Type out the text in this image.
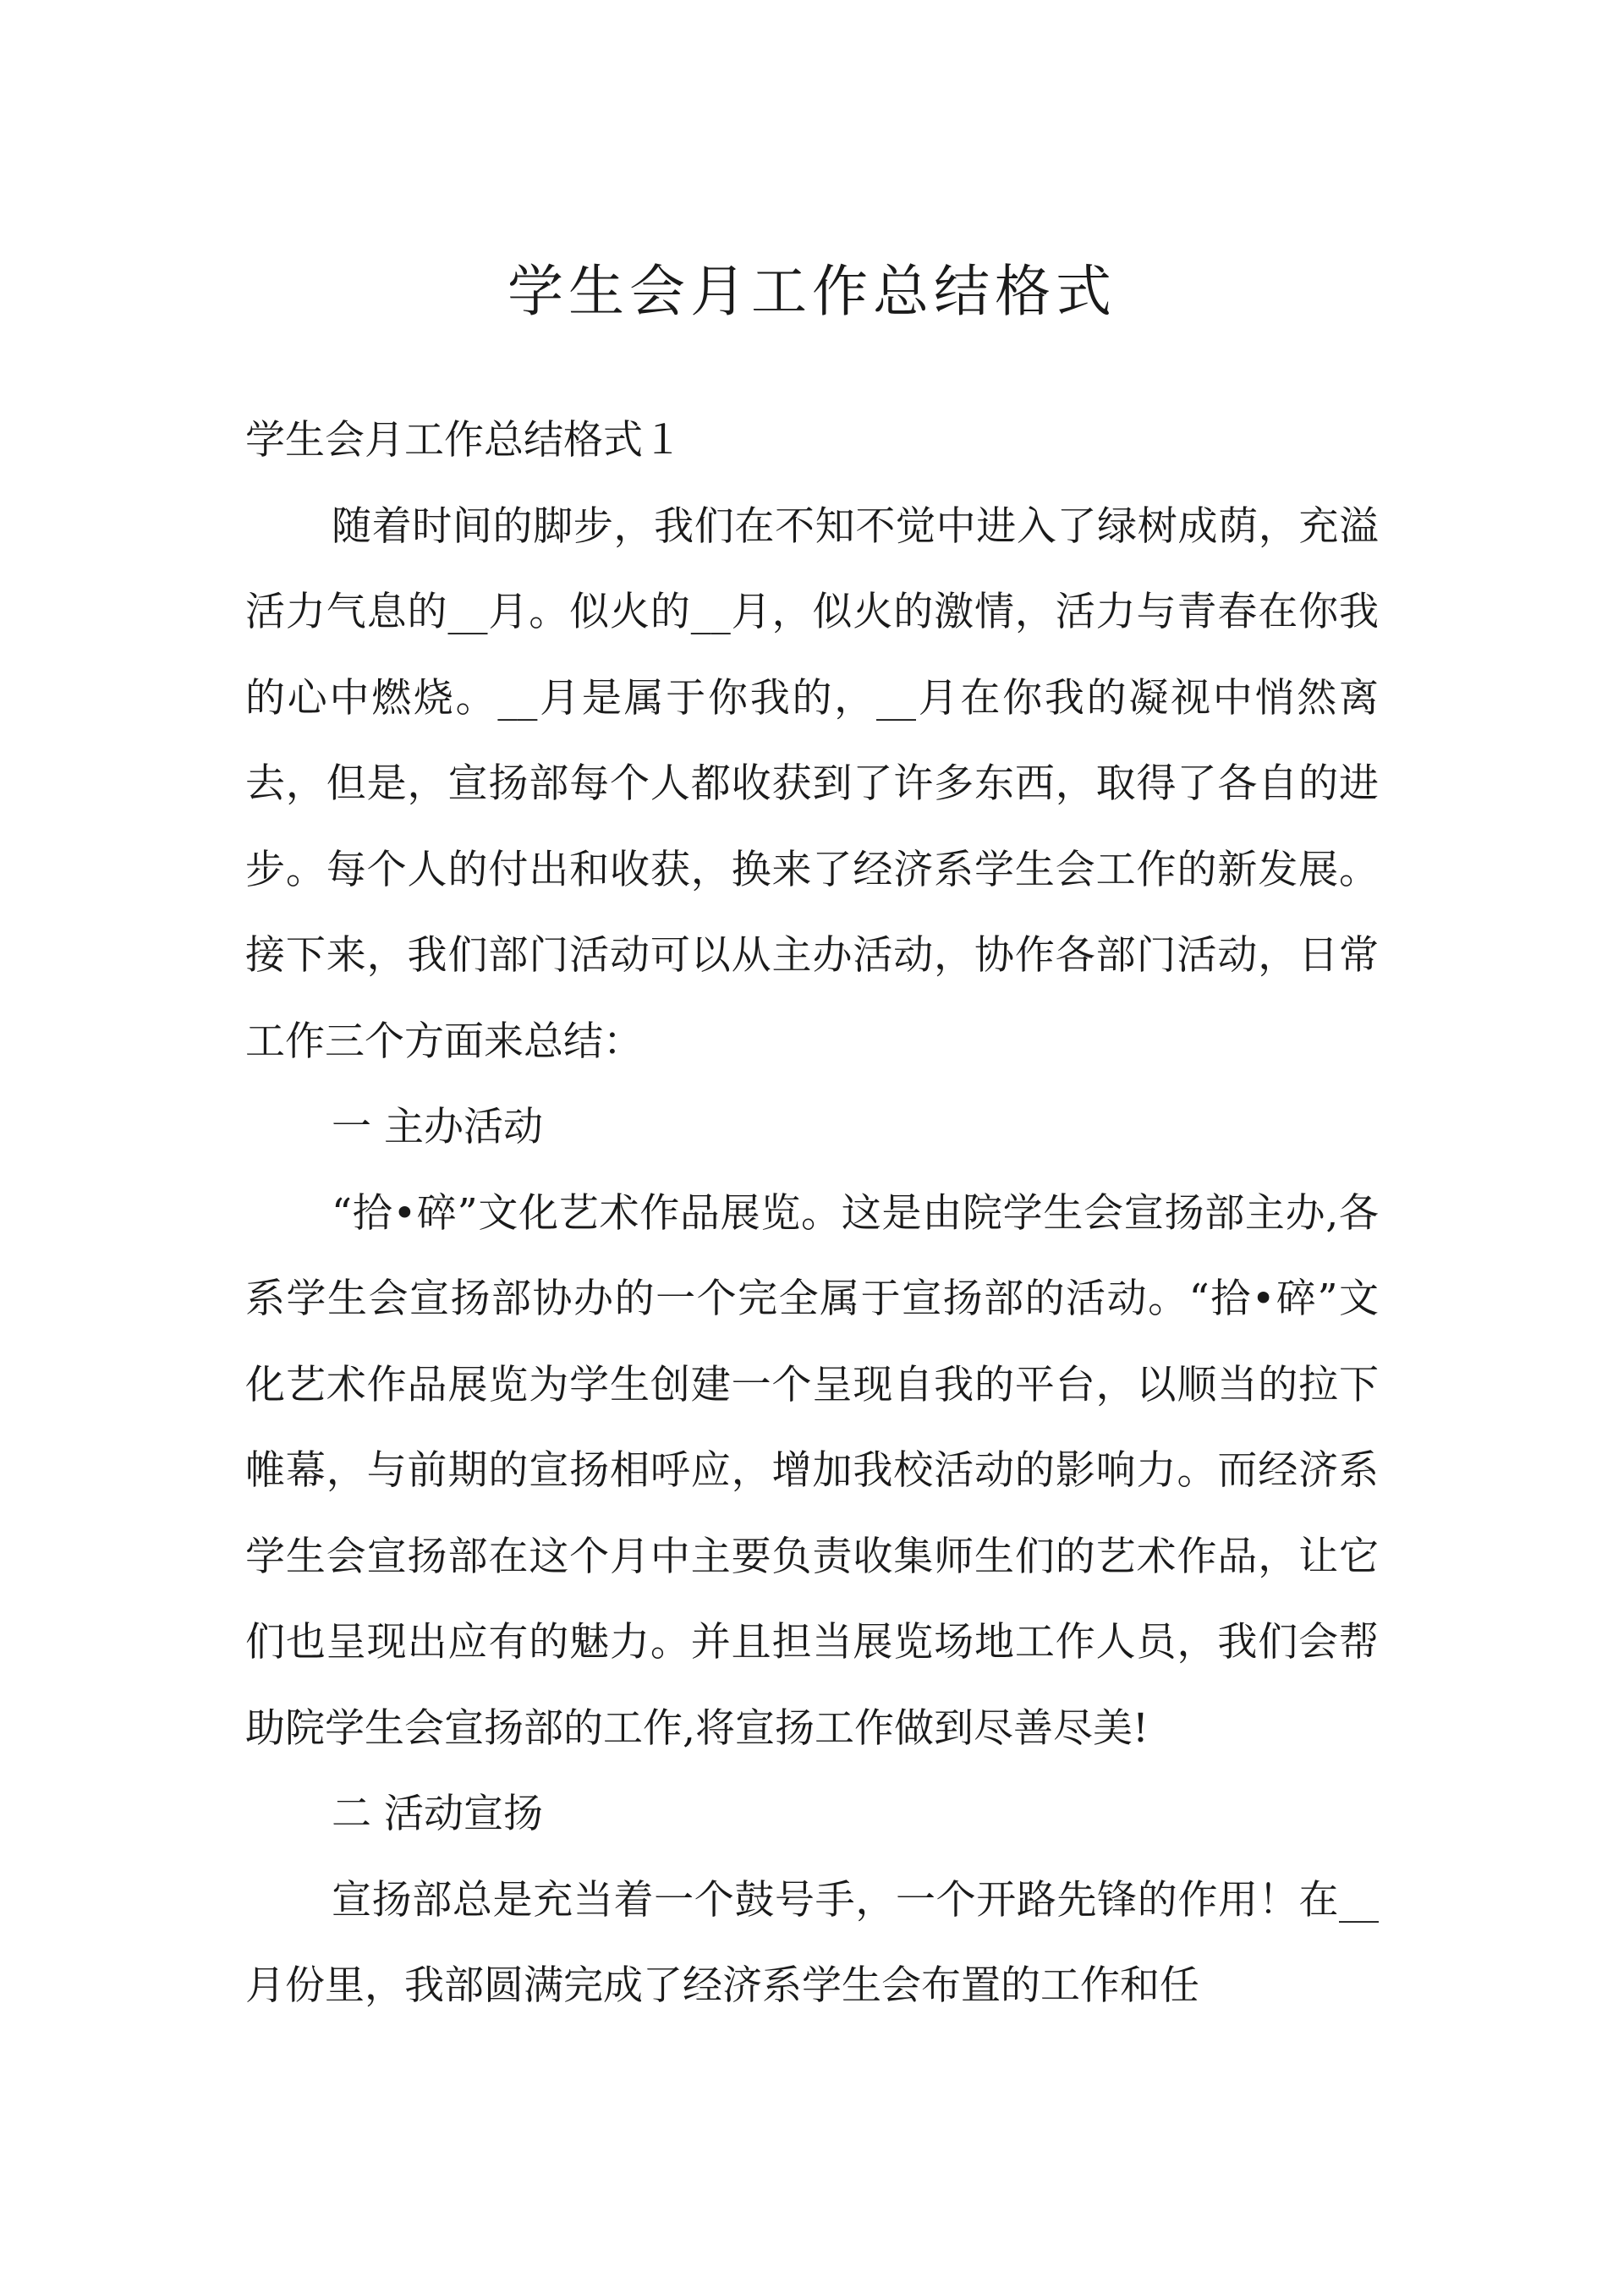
学生会月工作总结格式

学生会月工作总结格式１

随着时间的脚步，我们在不知不觉中进入了绿树成荫，充溢活力气息的__月。似火的__月，似火的激情，活力与青春在你我的心中燃烧。__月是属于你我的，__月在你我的凝视中悄然离去，但是，宣扬部每个人都收获到了许多东西，取得了各自的进步。每个人的付出和收获，换来了经济系学生会工作的新发展。接下来，我们部门活动可以从主办活动，协作各部门活动，日常工作三个方面来总结：

一 主办活动

“拾•碎”文化艺术作品展览。这是由院学生会宣扬部主办,各系学生会宣扬部协办的一个完全属于宣扬部的活动。“拾•碎”文化艺术作品展览为学生创建一个呈现自我的平台，以顺当的拉下帷幕，与前期的宣扬相呼应，增加我校活动的影响力。而经济系学生会宣扬部在这个月中主要负责收集师生们的艺术作品，让它们也呈现出应有的魅力。并且担当展览场地工作人员，我们会帮助院学生会宣扬部的工作,将宣扬工作做到尽善尽美!

二 活动宣扬

宣扬部总是充当着一个鼓号手，一个开路先锋的作用！在__月份里，我部圆满完成了经济系学生会布置的工作和任
